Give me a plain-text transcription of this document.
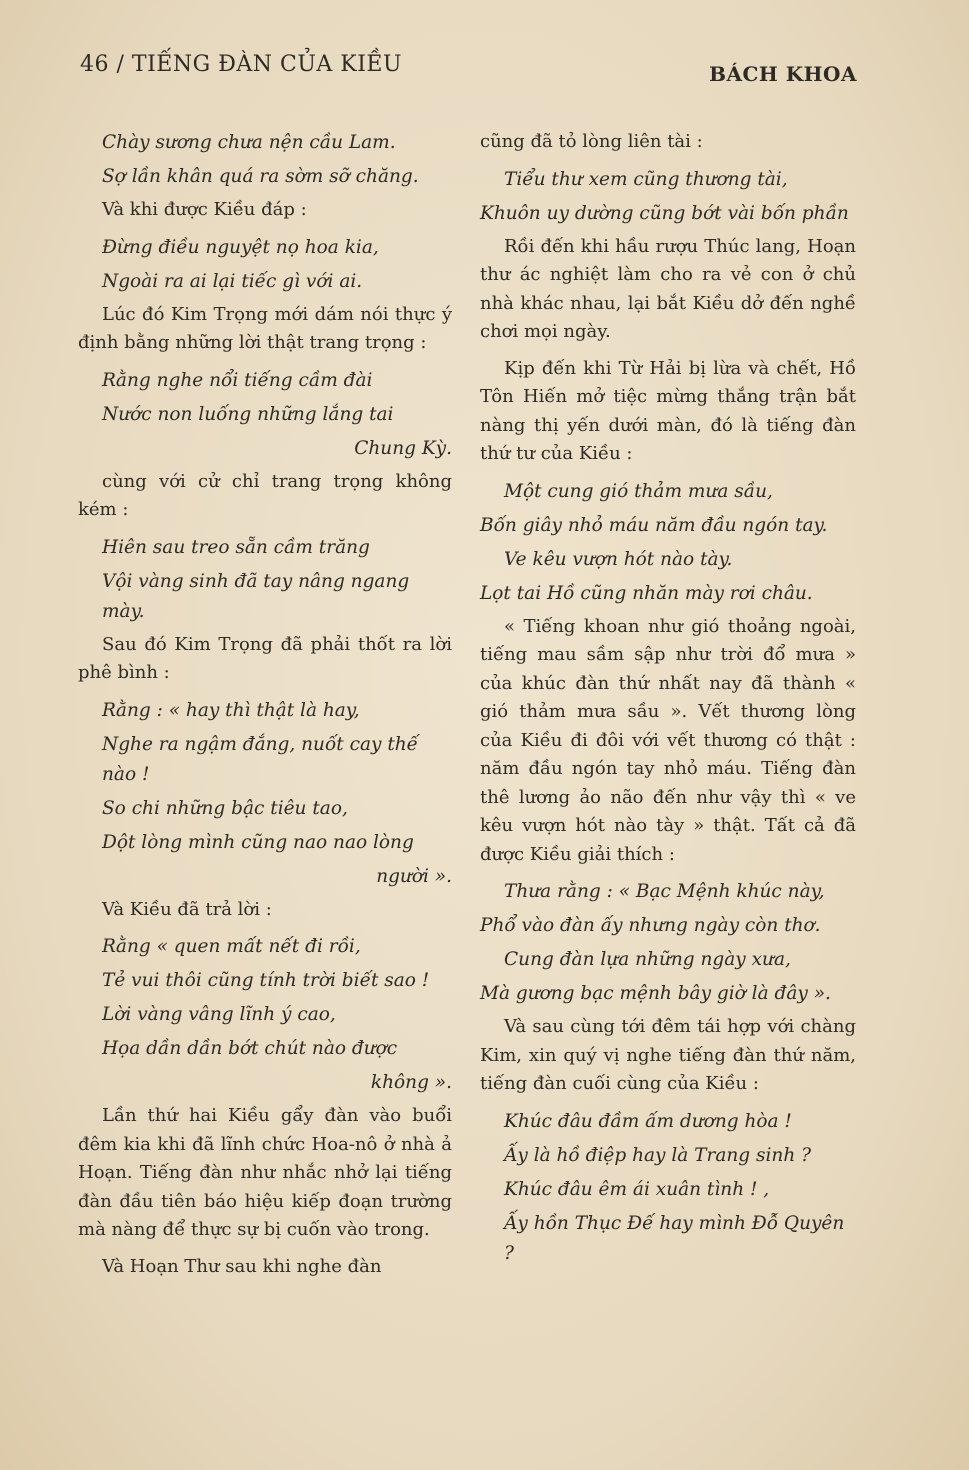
46 / TIẾNG ĐÀN CỦA KIỀU	BÁCH KHOA
Chày sương chưa nện cầu Lam.
Sợ lần khân quá ra sờm sỡ chăng.
Và khi được Kiều đáp :
Đừng điều nguyệt nọ hoa kia,
Ngoài ra ai lại tiếc gì với ai.
Lúc đó Kim Trọng mới dám nói thực ý định bằng những lời thật trang trọng :
Rằng nghe nổi tiếng cầm đài
Nước non luống những lắng tai
Chung Kỳ.
cùng với cử chỉ trang trọng không kém :
Hiên sau treo sẵn cầm trăng
Vội vàng sinh đã tay nâng ngang mày.
Sau đó Kim Trọng đã phải thốt ra lời phê bình :
Rằng : « hay thì thật là hay,
Nghe ra ngậm đắng, nuốt cay thế nào !
So chi những bậc tiêu tao,
Dột lòng mình cũng nao nao lòng
người ».
Và Kiều đã trả lời :
Rằng « quen mất nết đi rồi,
Tẻ vui thôi cũng tính trời biết sao !
Lời vàng vâng lĩnh ý cao,
Họa dần dần bớt chút nào được
không ».
Lần thứ hai Kiều gẩy đàn vào buổi đêm kia khi đã lĩnh chức Hoa-nô ở nhà ả Hoạn. Tiếng đàn như nhắc nhở lại tiếng đàn đầu tiên báo hiệu kiếp đoạn trường mà nàng để thực sự bị cuốn vào trong.
Và Hoạn Thư sau khi nghe đàn
cũng đã tỏ lòng liên tài :
Tiểu thư xem cũng thương tài,
Khuôn uy dường cũng bớt vài bốn phần
Rồi đến khi hầu rượu Thúc lang, Hoạn thư ác nghiệt làm cho ra vẻ con ở chủ nhà khác nhau, lại bắt Kiều dở đến nghề chơi mọi ngày.
Kịp đến khi Từ Hải bị lừa và chết, Hồ Tôn Hiến mở tiệc mừng thắng trận bắt nàng thị yến dưới màn, đó là tiếng đàn thứ tư của Kiều :
Một cung gió thảm mưa sầu,
Bốn giây nhỏ máu năm đầu ngón tay.
Ve kêu vượn hót nào tày.
Lọt tai Hồ cũng nhăn mày rơi châu.
« Tiếng khoan như gió thoảng ngoài, tiếng mau sầm sập như trời đổ mưa » của khúc đàn thứ nhất nay đã thành « gió thảm mưa sầu ». Vết thương lòng của Kiều đi đôi với vết thương có thật : năm đầu ngón tay nhỏ máu. Tiếng đàn thê lương ảo não đến như vậy thì « ve kêu vượn hót nào tày » thật. Tất cả đã được Kiều giải thích :
Thưa rằng : « Bạc Mệnh khúc này,
Phổ vào đàn ấy nhưng ngày còn thơ.
Cung đàn lựa những ngày xưa,
Mà gương bạc mệnh bây giờ là đây ».
Và sau cùng tới đêm tái hợp với chàng Kim, xin quý vị nghe tiếng đàn thứ năm, tiếng đàn cuối cùng của Kiều :
Khúc đâu đầm ấm dương hòa !
Ấy là hồ điệp hay là Trang sinh ?
Khúc đâu êm ái xuân tình ! ,
Ấy hồn Thục Đế hay mình Đỗ Quyên ?
